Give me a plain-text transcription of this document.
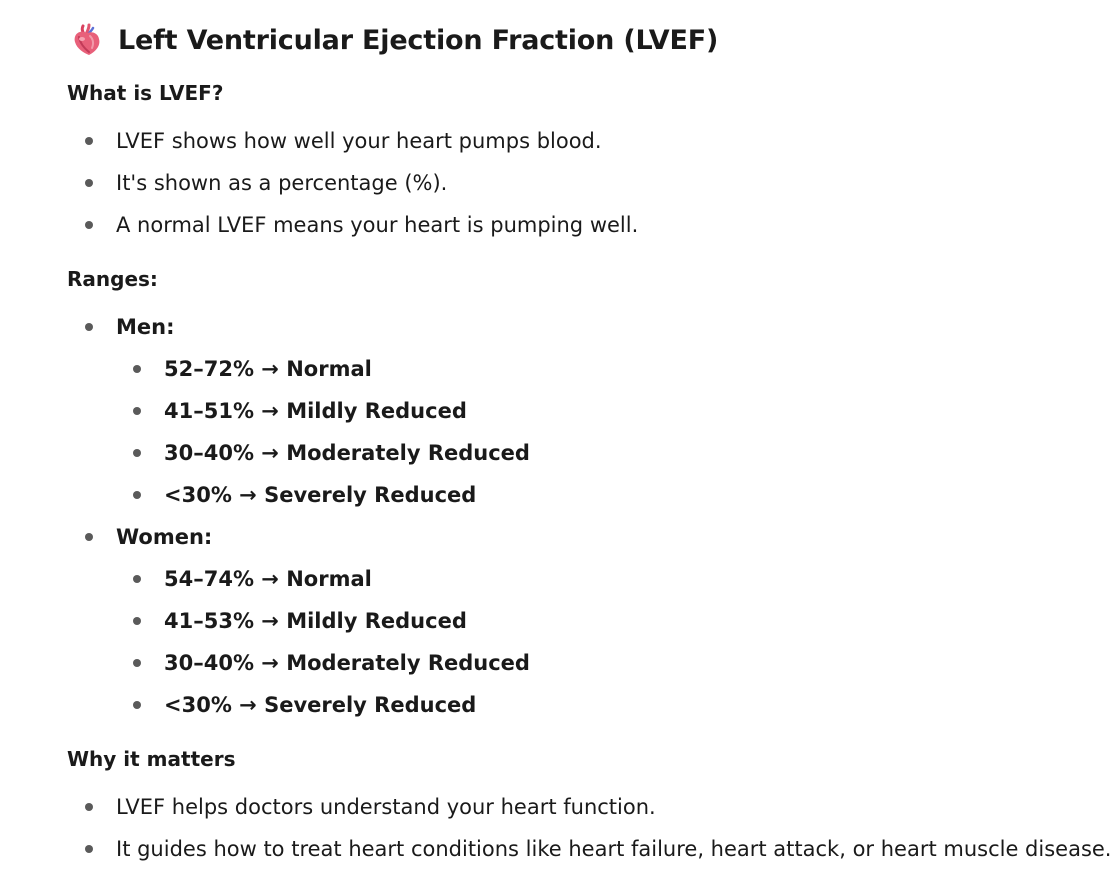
Left Ventricular Ejection Fraction (LVEF)
What is LVEF?
LVEF shows how well your heart pumps blood.
It's shown as a percentage (%).
A normal LVEF means your heart is pumping well.
Ranges:
Men:
52–72% → Normal
41–51% → Mildly Reduced
30–40% → Moderately Reduced
<30% → Severely Reduced
Women:
54–74% → Normal
41–53% → Mildly Reduced
30–40% → Moderately Reduced
<30% → Severely Reduced
Why it matters
LVEF helps doctors understand your heart function.
It guides how to treat heart conditions like heart failure, heart attack, or heart muscle disease.
